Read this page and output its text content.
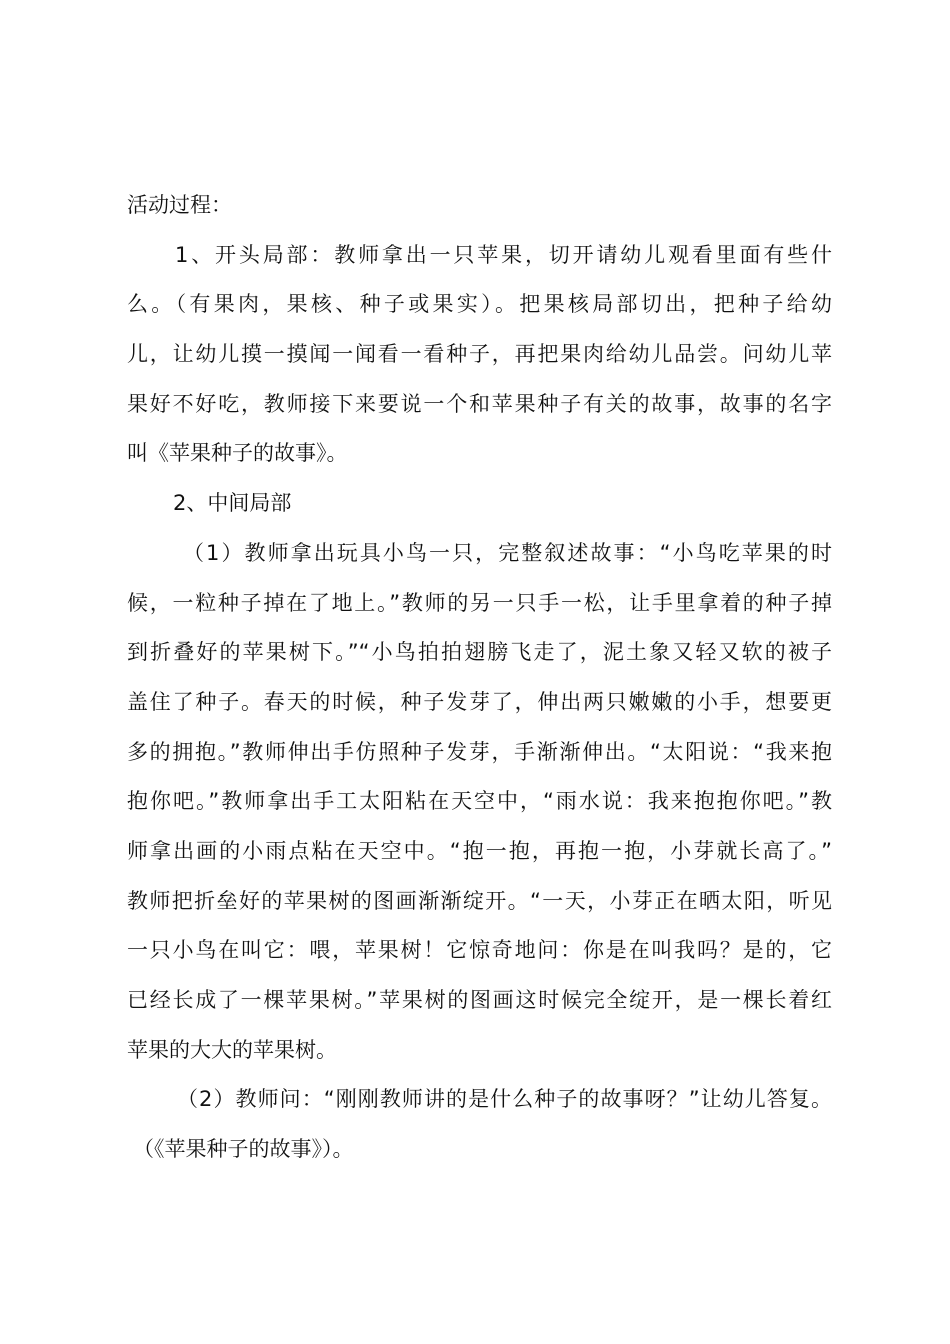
活动过程：
1、开头局部：教师拿出一只苹果，切开请幼儿观看里面有些什
么。（有果肉，果核、种子或果实）。把果核局部切出，把种子给幼
儿，让幼儿摸一摸闻一闻看一看种子，再把果肉给幼儿品尝。问幼儿苹
果好不好吃，教师接下来要说一个和苹果种子有关的故事，故事的名字
叫《苹果种子的故事》。
2、中间局部
（1）教师拿出玩具小鸟一只，完整叙述故事：“小鸟吃苹果的时
候，一粒种子掉在了地上。”教师的另一只手一松，让手里拿着的种子掉
到折叠好的苹果树下。”“小鸟拍拍翅膀飞走了，泥土象又轻又软的被子
盖住了种子。春天的时候，种子发芽了，伸出两只嫩嫩的小手，想要更
多的拥抱。”教师伸出手仿照种子发芽，手渐渐伸出。“太阳说：“我来抱
抱你吧。”教师拿出手工太阳粘在天空中，“雨水说：我来抱抱你吧。”教
师拿出画的小雨点粘在天空中。“抱一抱，再抱一抱，小芽就长高了。”
教师把折垒好的苹果树的图画渐渐绽开。“一天，小芽正在晒太阳，听见
一只小鸟在叫它：喂，苹果树！它惊奇地问：你是在叫我吗？是的，它
已经长成了一棵苹果树。”苹果树的图画这时候完全绽开，是一棵长着红
苹果的大大的苹果树。
（2）教师问：“刚刚教师讲的是什么种子的故事呀？”让幼儿答复。
（《苹果种子的故事》）。
